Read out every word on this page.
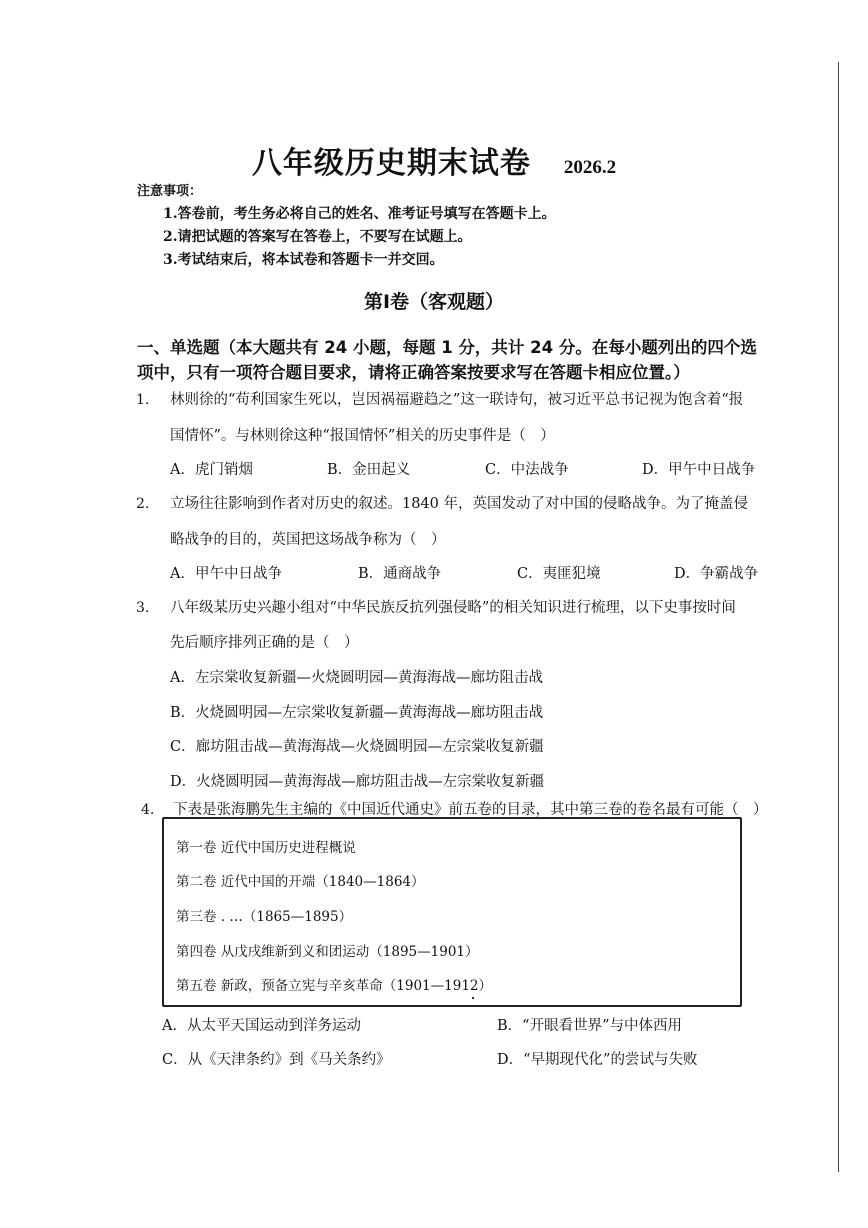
八年级历史期末试卷 2026.2
注意事项：
1.答卷前，考生务必将自己的姓名、准考证号填写在答题卡上。
2.请把试题的答案写在答卷上，不要写在试题上。
3.考试结束后，将本试卷和答题卡一并交回。
第Ⅰ卷（客观题）
一、单选题（本大题共有 24 小题，每题 1 分，共计 24 分。在每小题列出的四个选
项中，只有一项符合题目要求，请将正确答案按要求写在答题卡相应位置。）
1. 林则徐的“苟利国家生死以，岂因祸福避趋之”这一联诗句，被习近平总书记视为饱含着“报
国情怀”。与林则徐这种“报国情怀”相关的历史事件是（　）
A．虎门销烟	B．金田起义	C．中法战争	D．甲午中日战争
2. 立场往往影响到作者对历史的叙述。1840 年，英国发动了对中国的侵略战争。为了掩盖侵
略战争的目的，英国把这场战争称为（　）
A．甲午中日战争	B．通商战争	C．夷匪犯境	D．争霸战争
3. 八年级某历史兴趣小组对“中华民族反抗列强侵略”的相关知识进行梳理，以下史事按时间
先后顺序排列正确的是（　）
A．左宗棠收复新疆—火烧圆明园—黄海海战—廊坊阻击战
B．火烧圆明园—左宗棠收复新疆—黄海海战—廊坊阻击战
C．廊坊阻击战—黄海海战—火烧圆明园—左宗棠收复新疆
D．火烧圆明园—黄海海战—廊坊阻击战—左宗棠收复新疆
4. 下表是张海鹏先生主编的《中国近代通史》前五卷的目录，其中第三卷的卷名最有可能（　）
第一卷 近代中国历史进程概说
第二卷 近代中国的开端（1840—1864）
第三卷 . …（1865—1895）
第四卷 从戊戌维新到义和团运动（1895—1901）
第五卷 新政，预备立宪与辛亥革命（1901—1912）
A．从太平天国运动到洋务运动	B．“开眼看世界”与中体西用
C．从《天津条约》到《马关条约》	D．“早期现代化”的尝试与失败
